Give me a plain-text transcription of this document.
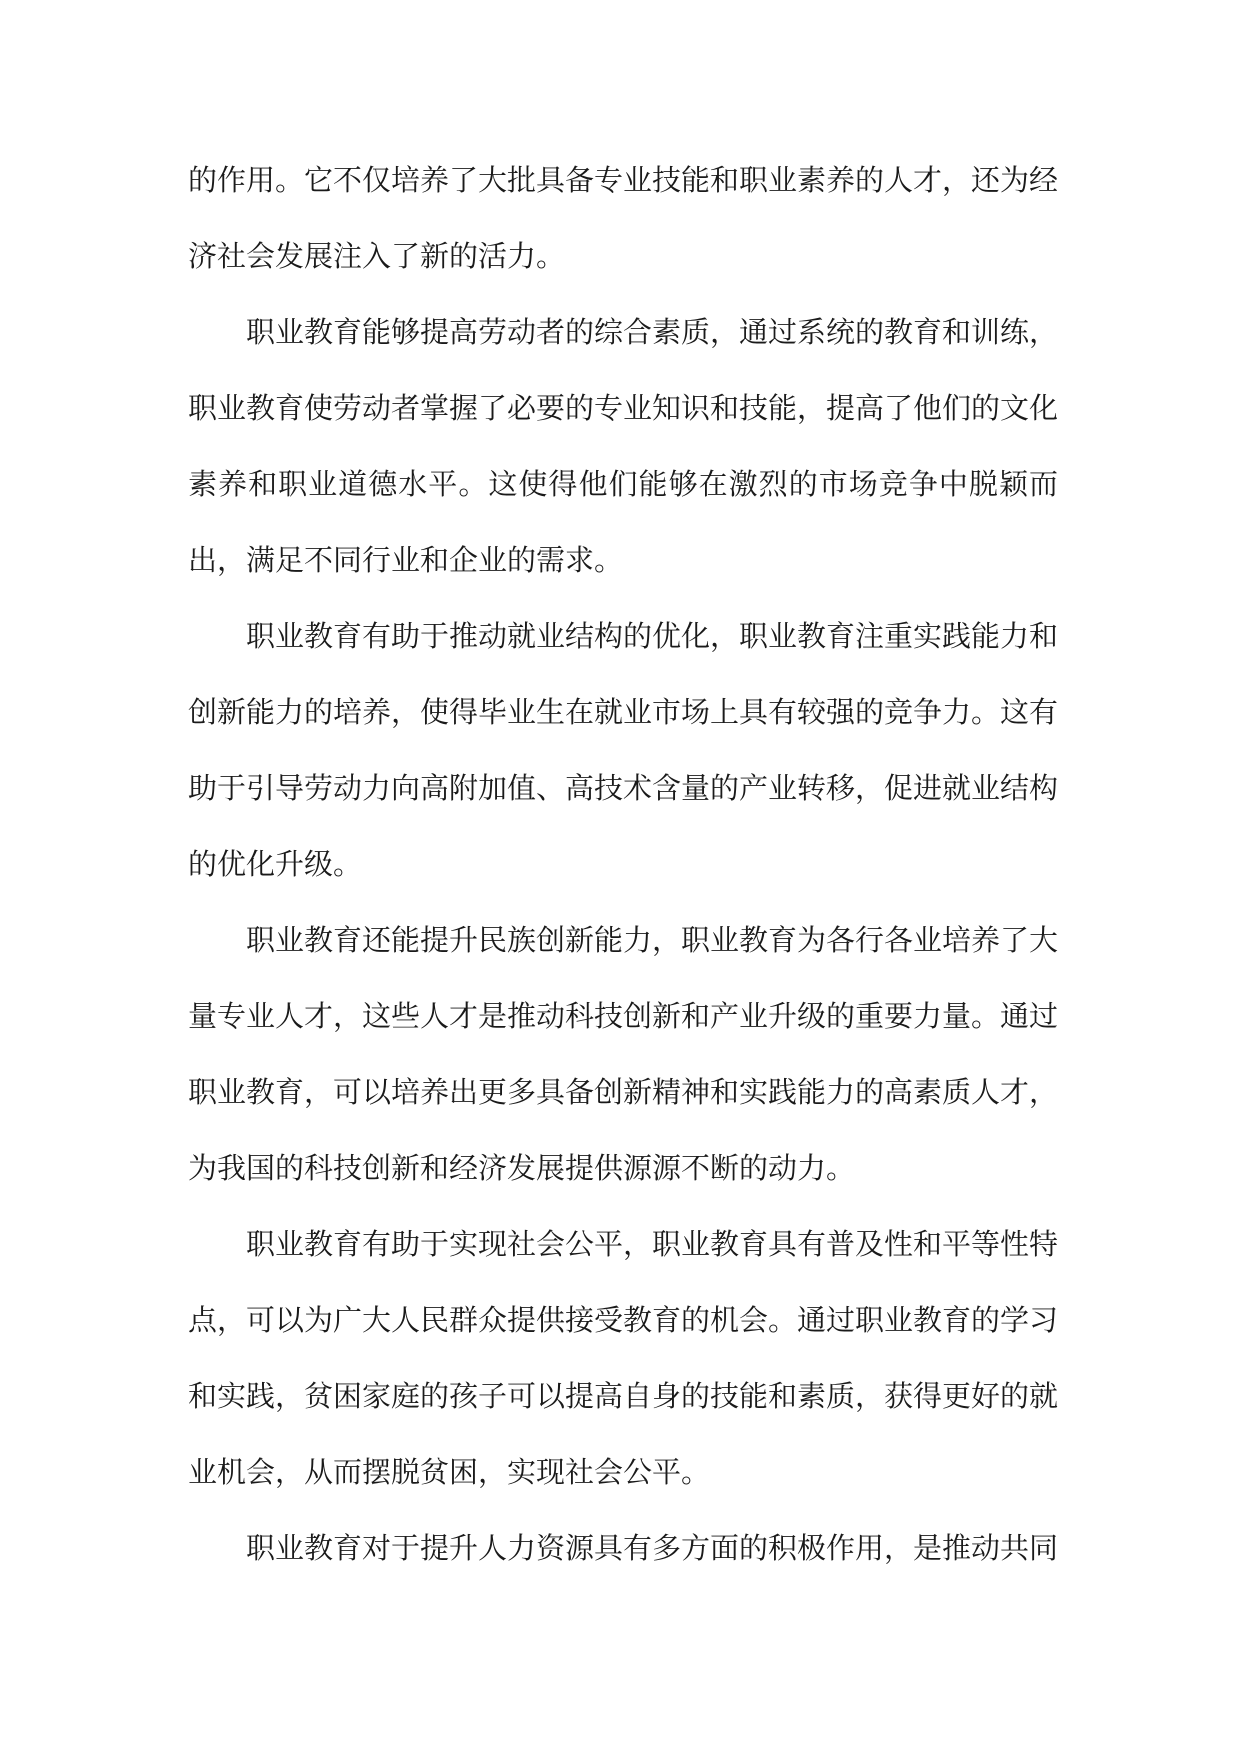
的作用。它不仅培养了大批具备专业技能和职业素养的人才，还为经济社会发展注入了新的活力。

职业教育能够提高劳动者的综合素质，通过系统的教育和训练，职业教育使劳动者掌握了必要的专业知识和技能，提高了他们的文化素养和职业道德水平。这使得他们能够在激烈的市场竞争中脱颖而出，满足不同行业和企业的需求。

职业教育有助于推动就业结构的优化，职业教育注重实践能力和创新能力的培养，使得毕业生在就业市场上具有较强的竞争力。这有助于引导劳动力向高附加值、高技术含量的产业转移，促进就业结构的优化升级。

职业教育还能提升民族创新能力，职业教育为各行各业培养了大量专业人才，这些人才是推动科技创新和产业升级的重要力量。通过职业教育，可以培养出更多具备创新精神和实践能力的高素质人才，为我国的科技创新和经济发展提供源源不断的动力。

职业教育有助于实现社会公平，职业教育具有普及性和平等性特点，可以为广大人民群众提供接受教育的机会。通过职业教育的学习和实践，贫困家庭的孩子可以提高自身的技能和素质，获得更好的就业机会，从而摆脱贫困，实现社会公平。

职业教育对于提升人力资源具有多方面的积极作用，是推动共同
